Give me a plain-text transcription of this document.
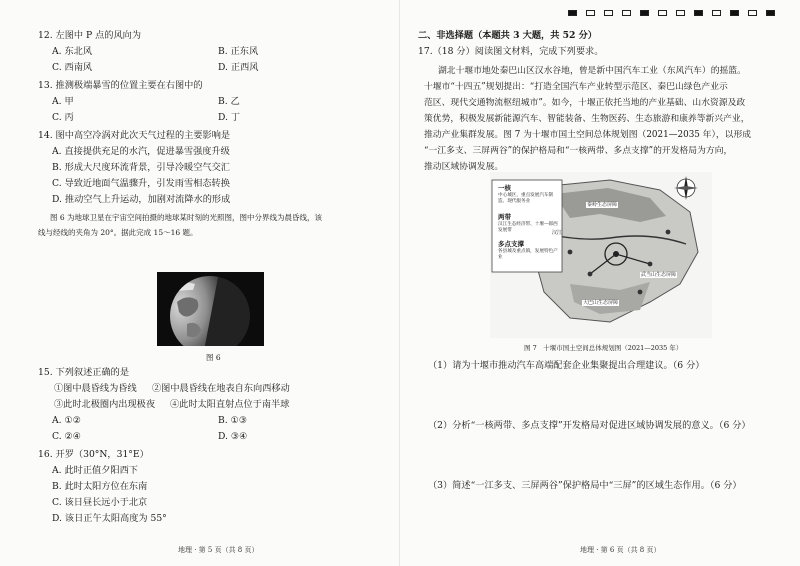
12. 左图中 P 点的风向为
A. 东北风	B. 正东风
C. 西南风	D. 正西风
13. 推测极端暴雪的位置主要在右图中的
A. 甲	B. 乙
C. 丙	D. 丁
14. 图中高空冷涡对此次天气过程的主要影响是
A. 直接提供充足的水汽，促进暴雪强度升级
B. 形成大尺度环流背景，引导冷暖空气交汇
C. 导致近地面气温骤升，引发雨雪相态转换
D. 推动空气上升运动，加剧对流降水的形成
图 6 为地球卫星在宇宙空间拍摄的地球某时刻的光照图，图中分界线为晨昏线，该
线与经线的夹角为 20°。据此完成 15～16 题。
图 6
15. 下列叙述正确的是
①图中晨昏线为昏线 ②图中晨昏线在地表自东向西移动
③此时北极圈内出现极夜 ④此时太阳直射点位于南半球
A. ①②	B. ①③
C. ②④	D. ③④
16. 开罗（30°N，31°E）
A. 此时正值夕阳西下
B. 此时太阳方位在东南
C. 该日昼长远小于北京
D. 该日正午太阳高度为 55°
地理 · 第 5 页（共 8 页）
二、非选择题（本题共 3 大题，共 52 分）
17.（18 分）阅读图文材料，完成下列要求。
湖北十堰市地处秦巴山区汉水谷地，曾是新中国汽车工业（东风汽车）的摇篮。
十堰市“十四五”规划提出：“打造全国汽车产业转型示范区、秦巴山绿色产业示
范区、现代交通物流枢纽城市”。如今，十堰正依托当地的产业基础、山水资源及政
策优势，积极发展新能源汽车、智能装备、生物医药、生态旅游和康养等新兴产业，
推动产业集群发展。图 7 为十堰市国土空间总体规划图（2021—2035 年），以形成
“一江多支、三屏两谷”的保护格局和“一核两带、多点支撑”的开发格局为方向，
推动区域协调发展。
一核
中心城区，重点发展汽车制造、现代服务业
两带
汉江生态经济带、十堰—郧西发展带
多点支撑
各县城及重点镇，发展特色产业
秦岭生态屏障
武当山生态屏障
大巴山生态屏障
汉江
图 7　十堰市国土空间总体规划图（2021—2035 年）
（1）请为十堰市推动汽车高端配套企业集聚提出合理建议。（6 分）
（2）分析“一核两带、多点支撑”开发格局对促进区域协调发展的意义。（6 分）
（3）简述“一江多支、三屏两谷”保护格局中“三屏”的区域生态作用。（6 分）
地理 · 第 6 页（共 8 页）
